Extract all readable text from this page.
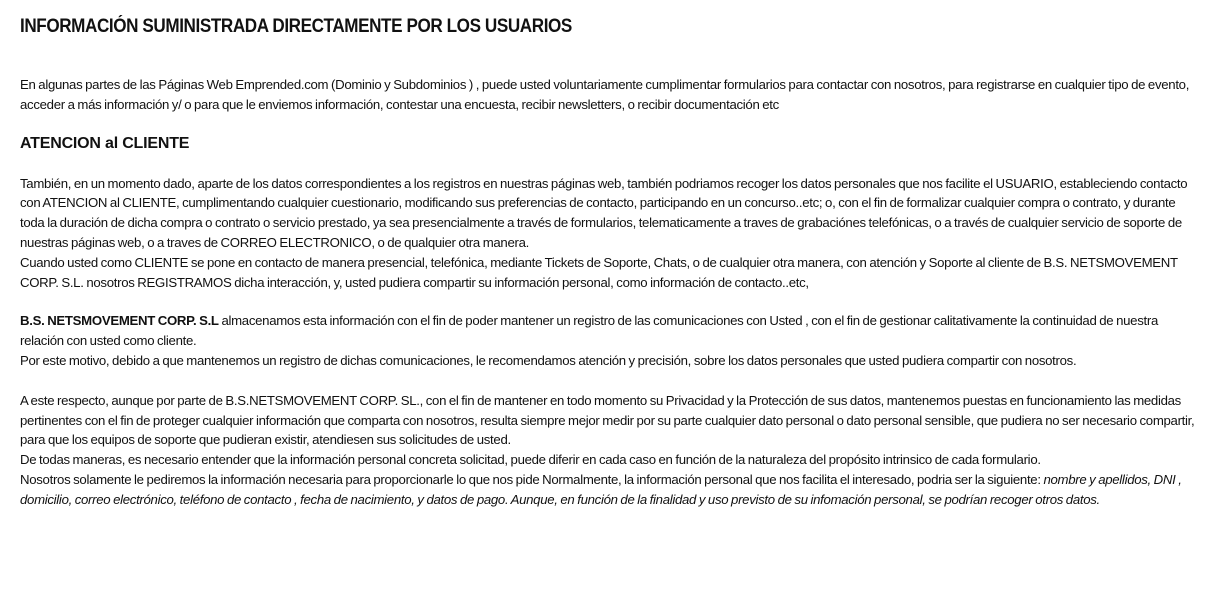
INFORMACIÓN SUMINISTRADA DIRECTAMENTE POR LOS USUARIOS

En algunas partes de las Páginas Web Emprended.com (Dominio y Subdominios ) , puede usted voluntariamente cumplimentar formularios para contactar con nosotros, para registrarse en cualquier tipo de evento, acceder a más información y/ o para que le enviemos información, contestar una encuesta, recibir newsletters, o recibir documentación etc

ATENCION al CLIENTE

También, en un momento dado, aparte de los datos correspondientes a los registros en nuestras páginas web, también podriamos recoger los datos personales que nos facilite el USUARIO, estableciendo contacto con ATENCION al CLIENTE, cumplimentando cualquier cuestionario, modificando sus preferencias de contacto, participando en un concurso..etc; o, con el fin de formalizar cualquier compra o contrato, y durante toda la duración de dicha compra o contrato o servicio prestado, ya sea presencialmente a través de formularios, telematicamente a traves de grabaciónes telefónicas, o a través de cualquier servicio de soporte de nuestras páginas web, o a traves de CORREO ELECTRONICO, o de qualquier otra manera.

Cuando usted como CLIENTE se pone en contacto de manera presencial, telefónica, mediante Tickets de Soporte, Chats, o de cualquier otra manera, con atención y Soporte al cliente de B.S. NETSMOVEMENT CORP. S.L. nosotros REGISTRAMOS dicha interacción, y, usted pudiera compartir su información personal, como información de contacto..etc,

B.S. NETSMOVEMENT CORP. S.L almacenamos esta información con el fin de poder mantener un registro de las comunicaciones con Usted , con el fin de gestionar calitativamente la continuidad de nuestra relación con usted como cliente.

Por este motivo, debido a que mantenemos un registro de dichas comunicaciones, le recomendamos atención y precisión, sobre los datos personales que usted pudiera compartir con nosotros.

A este respecto, aunque por parte de B.S.NETSMOVEMENT CORP. SL., con el fin de mantener en todo momento su Privacidad y la Protección de sus datos, mantenemos puestas en funcionamiento las medidas pertinentes con el fin de proteger cualquier información que comparta con nosotros, resulta siempre mejor medir por su parte cualquier dato personal o dato personal sensible, que pudiera no ser necesario compartir, para que los equipos de soporte que pudieran existir, atendiesen sus solicitudes de usted.

De todas maneras, es necesario entender que la información personal concreta solicitad, puede diferir en cada caso en función de la naturaleza del propósito intrinsico de cada formulario.

Nosotros solamente le pediremos la información necesaria para proporcionarle lo que nos pide Normalmente, la información personal que nos facilita el interesado, podria ser la siguiente: nombre y apellidos, DNI , domicilio, correo electrónico, teléfono de contacto , fecha de nacimiento, y datos de pago. Aunque, en función de la finalidad y uso previsto de su infomación personal, se podrían recoger otros datos.
